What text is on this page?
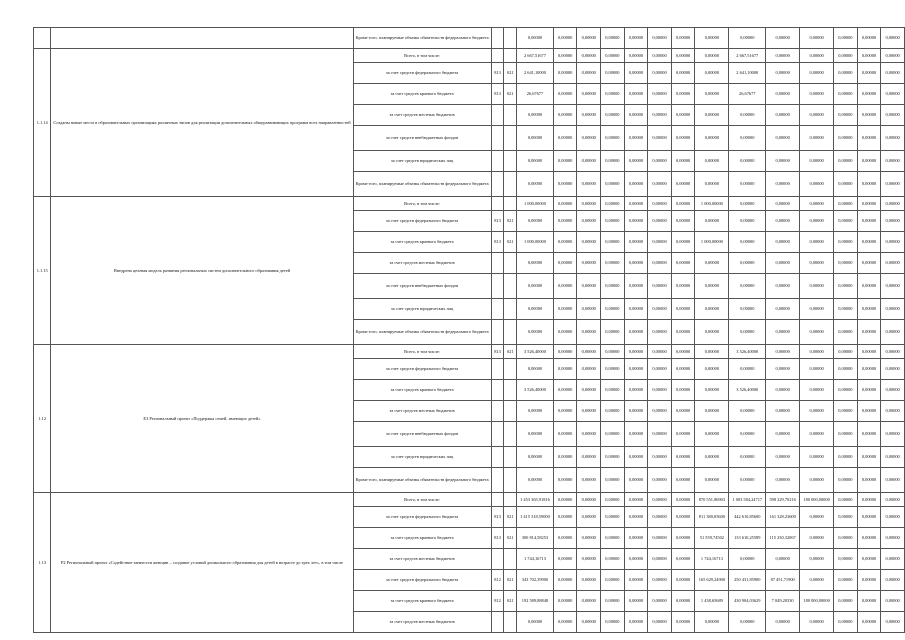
		Кроме того, планируемые объемы обязательств федерального бюджета			0,00000	0,00000	0,00000	0,00000	0,00000	0,00000	0,00000	0,00000	0,00000	0,00000	0,00000	0,00000	0,00000	0,00000
1.1.14	Созданы новые места в образовательных организациях различных типов для реализации дополнительных общеразвивающих программ всех направленностей	Всего, в том числе:			2 667,51677	0,00000	0,00000	0,00000	0,00000	0,00000	0,00000	0,00000	2 667,51677	0,00000	0,00000	0,00000	0,00000	0,00000
		за счет средств федерального бюджета	813	021	2 641,10000	0,00000	0,00000	0,00000	0,00000	0,00000	0,00000	0,00000	2 641,10000	0,00000	0,00000	0,00000	0,00000	0,00000
		за счет средств краевого бюджета	813	021	26,67677	0,00000	0,00000	0,00000	0,00000	0,00000	0,00000	0,00000	26,67677	0,00000	0,00000	0,00000	0,00000	0,00000
		за счет средств местных бюджетов			0,00000	0,00000	0,00000	0,00000	0,00000	0,00000	0,00000	0,00000	0,00000	0,00000	0,00000	0,00000	0,00000	0,00000
		за счет средств внебюджетных фондов			0,00000	0,00000	0,00000	0,00000	0,00000	0,00000	0,00000	0,00000	0,00000	0,00000	0,00000	0,00000	0,00000	0,00000
		за счет средств юридических лиц			0,00000	0,00000	0,00000	0,00000	0,00000	0,00000	0,00000	0,00000	0,00000	0,00000	0,00000	0,00000	0,00000	0,00000
		Кроме того, планируемые объемы обязательств федерального бюджета			0,00000	0,00000	0,00000	0,00000	0,00000	0,00000	0,00000	0,00000	0,00000	0,00000	0,00000	0,00000	0,00000	0,00000
1.1.15	Внедрена целевая модель развития региональных систем дополнительного образования детей	Всего, в том числе:			1 000,00000	0,00000	0,00000	0,00000	0,00000	0,00000	0,00000	1 000,00000	0,00000	0,00000	0,00000	0,00000	0,00000	0,00000
		за счет средств федерального бюджета	813	021	0,00000	0,00000	0,00000	0,00000	0,00000	0,00000	0,00000	0,00000	0,00000	0,00000	0,00000	0,00000	0,00000	0,00000
		за счет средств краевого бюджета	813	021	1 000,00000	0,00000	0,00000	0,00000	0,00000	0,00000	0,00000	1 000,00000	0,00000	0,00000	0,00000	0,00000	0,00000	0,00000
		за счет средств местных бюджетов			0,00000	0,00000	0,00000	0,00000	0,00000	0,00000	0,00000	0,00000	0,00000	0,00000	0,00000	0,00000	0,00000	0,00000
		за счет средств внебюджетных фондов			0,00000	0,00000	0,00000	0,00000	0,00000	0,00000	0,00000	0,00000	0,00000	0,00000	0,00000	0,00000	0,00000	0,00000
		за счет средств юридических лиц			0,00000	0,00000	0,00000	0,00000	0,00000	0,00000	0,00000	0,00000	0,00000	0,00000	0,00000	0,00000	0,00000	0,00000
		Кроме того, планируемые объемы обязательств федерального бюджета			0,00000	0,00000	0,00000	0,00000	0,00000	0,00000	0,00000	0,00000	0,00000	0,00000	0,00000	0,00000	0,00000	0,00000
1.12	E3 Региональный проект «Поддержка семей, имеющих детей»	Всего, в том числе:	813	021	3 526,40000	0,00000	0,00000	0,00000	0,00000	0,00000	0,00000	0,00000	3 526,40000	0,00000	0,00000	0,00000	0,00000	0,00000
		за счет средств федерального бюджета			0,00000	0,00000	0,00000	0,00000	0,00000	0,00000	0,00000	0,00000	0,00000	0,00000	0,00000	0,00000	0,00000	0,00000
		за счет средств краевого бюджета			3 526,40000	0,00000	0,00000	0,00000	0,00000	0,00000	0,00000	0,00000	3 526,40000	0,00000	0,00000	0,00000	0,00000	0,00000
		за счет средств местных бюджетов			0,00000	0,00000	0,00000	0,00000	0,00000	0,00000	0,00000	0,00000	0,00000	0,00000	0,00000	0,00000	0,00000	0,00000
		за счет средств внебюджетных фондов			0,00000	0,00000	0,00000	0,00000	0,00000	0,00000	0,00000	0,00000	0,00000	0,00000	0,00000	0,00000	0,00000	0,00000
		за счет средств юридических лиц			0,00000	0,00000	0,00000	0,00000	0,00000	0,00000	0,00000	0,00000	0,00000	0,00000	0,00000	0,00000	0,00000	0,00000
		Кроме того, планируемые объемы обязательств федерального бюджета			0,00000	0,00000	0,00000	0,00000	0,00000	0,00000	0,00000	0,00000	0,00000	0,00000	0,00000	0,00000	0,00000	0,00000
1.13	P2 Региональный проект «Содействие занятости женщин – создание условий дошкольного образования для детей в возрасте до трех лет», в том числе	Всего, в том числе:			1 453 365,91816	0,00000	0,00000	0,00000	0,00000	0,00000	0,00000	870 551,86903	1 003 584,24717	598 229,70216	180 000,00000	0,00000	0,00000	0,00000
		за счет средств федерального бюджета	813	021	1 415 318,59000	0,00000	0,00000	0,00000	0,00000	0,00000	0,00000	811 380,05600	442 610,85600	161 328,23600	0,00000	0,00000	0,00000	0,00000
		за счет средств краевого бюджета	813	021	300 814,58253	0,00000	0,00000	0,00000	0,00000	0,00000	0,00000	51 559,74502	133 610,25589	115 230,32067	0,00000	0,00000	0,00000	0,00000
		за счет средств местных бюджетов			1 744,16713	0,00000	0,00000	0,00000	0,00000	0,00000	0,00000	1 744,16713	0,00000	0,00000	0,00000	0,00000	0,00000	0,00000
		за счет средств федерального бюджета	812	021	343 702,39900	0,00000	0,00000	0,00000	0,00000	0,00000	0,00000	165 629,24900	250 431,85900	87 451,71900	0,00000	0,00000	0,00000	0,00000
		за счет средств краевого бюджета	812	021	192 589,88848	0,00000	0,00000	0,00000	0,00000	0,00000	0,00000	1 438,65689	430 904,03629	7 049,20330	180 000,00000	0,00000	0,00000	0,00000
		за счет средств местных бюджетов			0,00000	0,00000	0,00000	0,00000	0,00000	0,00000	0,00000	0,00000	0,00000	0,00000	0,00000	0,00000	0,00000	0,00000
